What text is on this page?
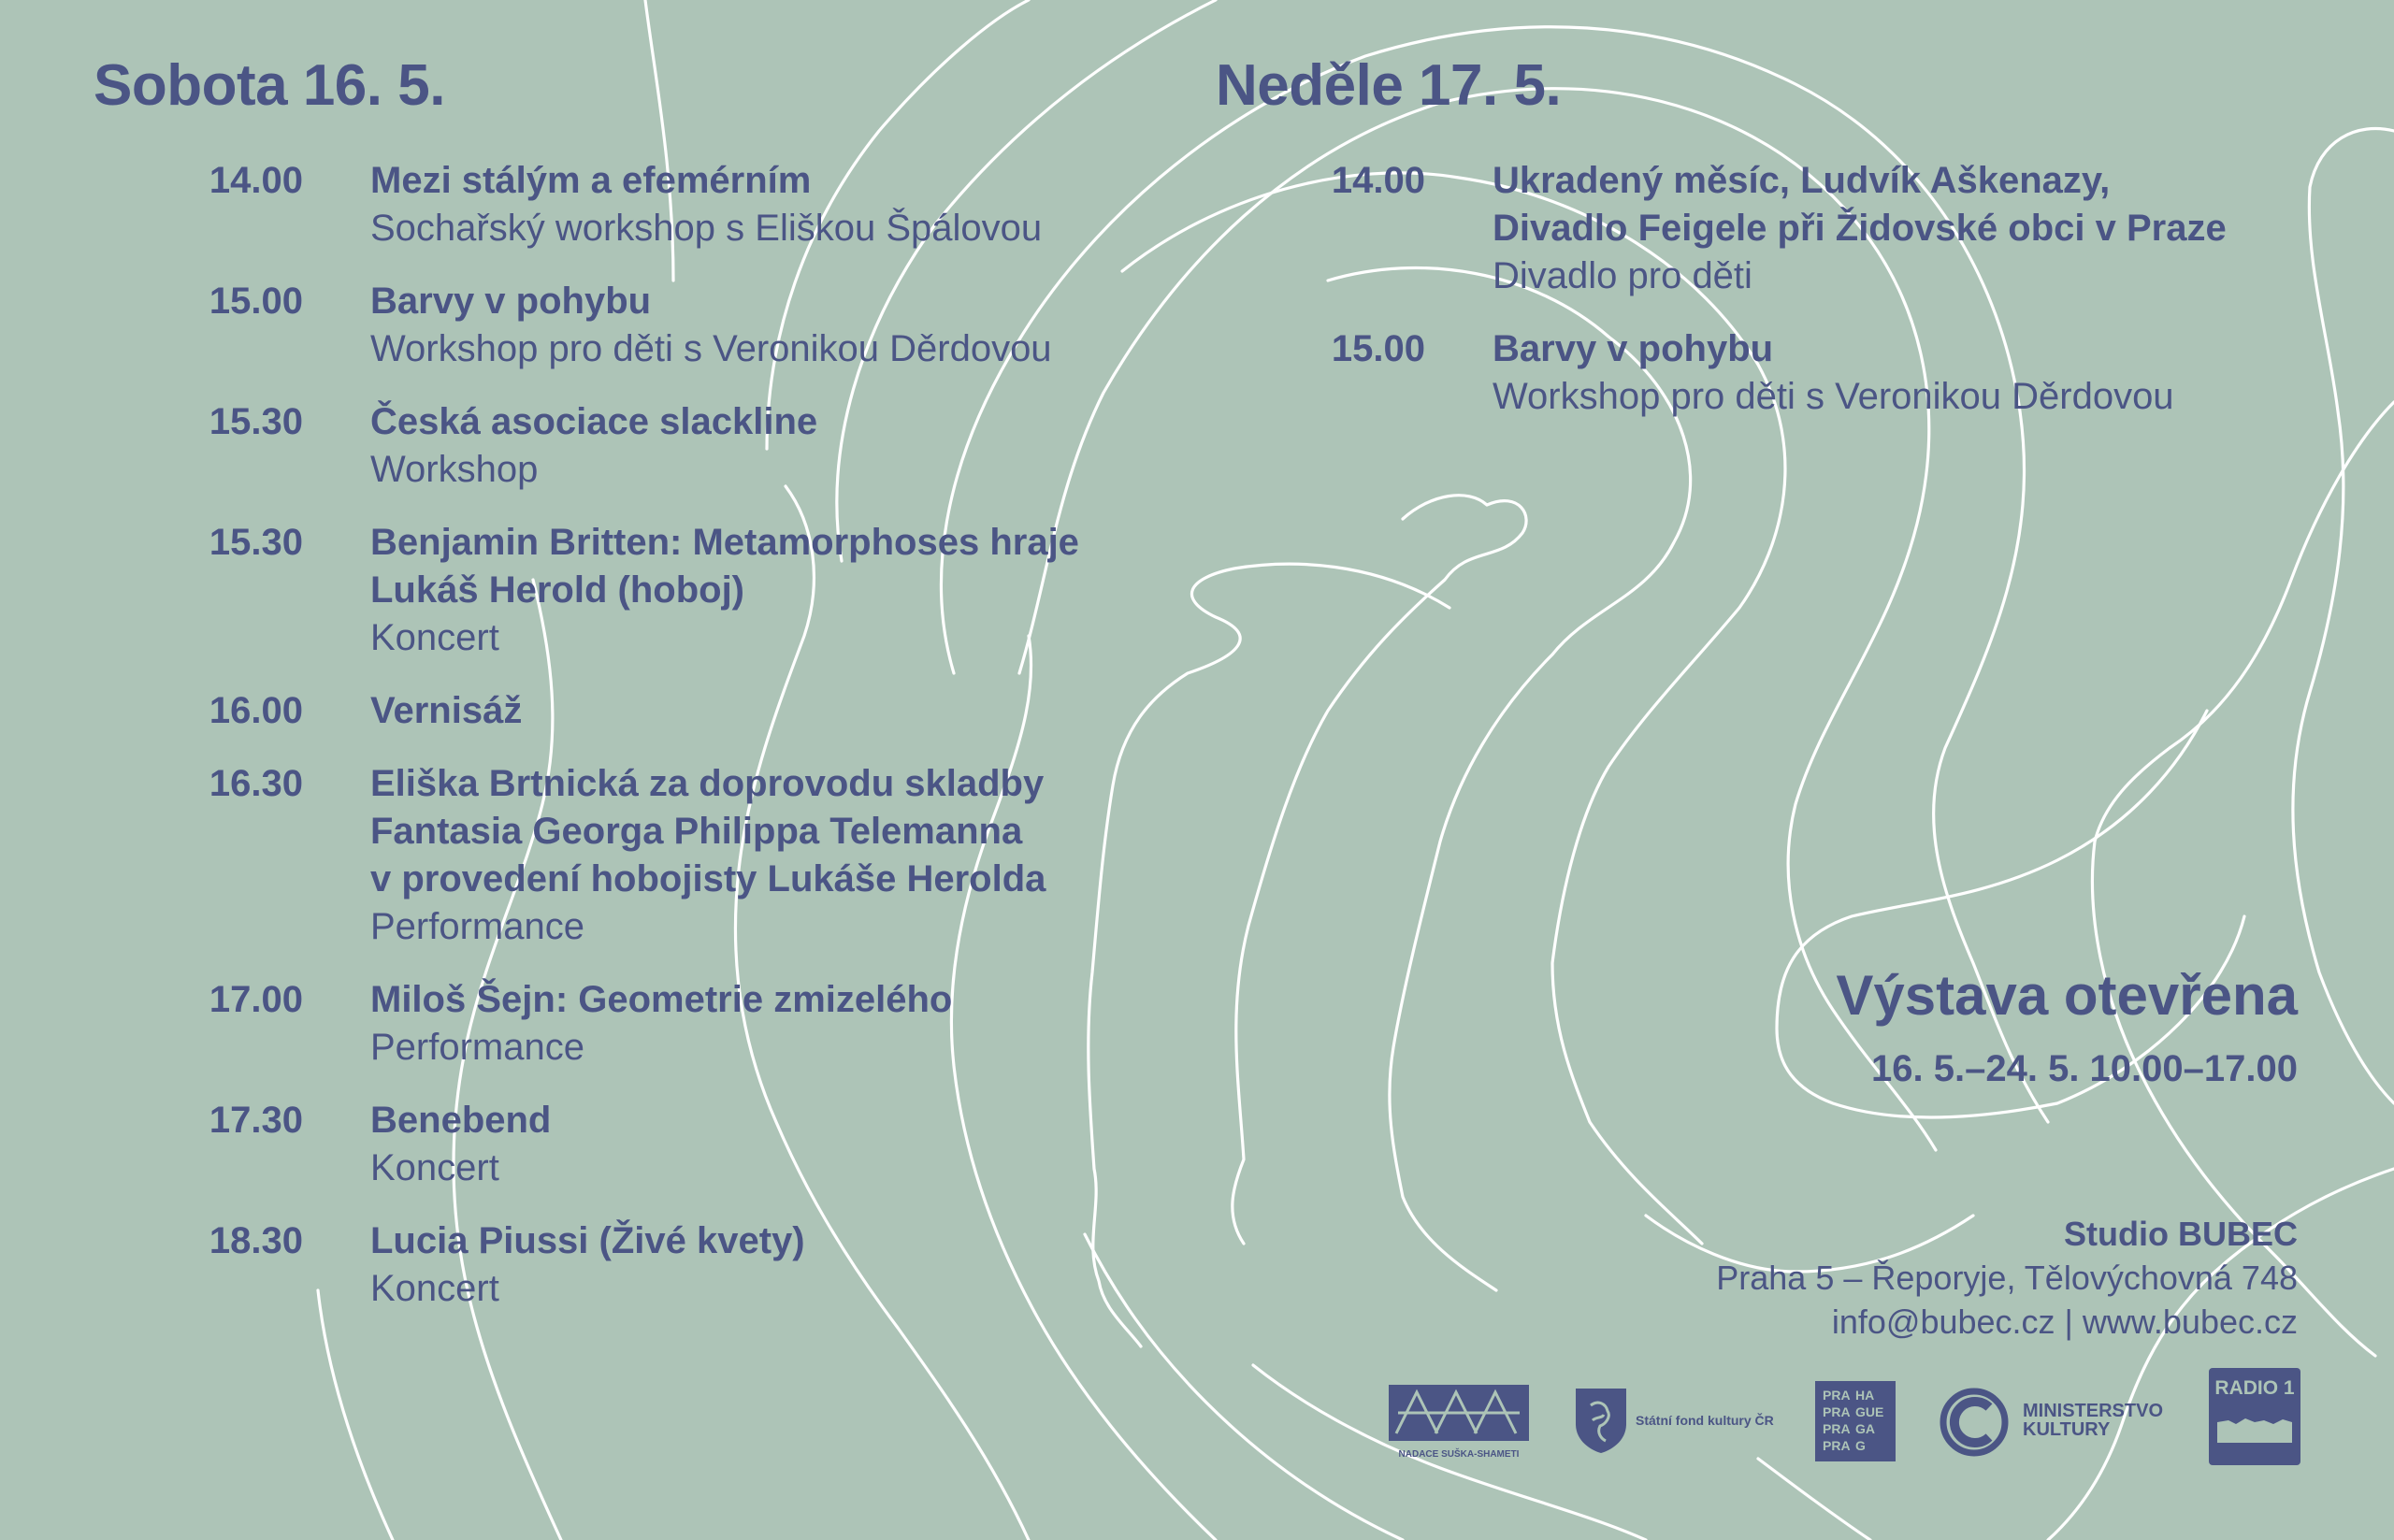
Sobota 16. 5.
14.00 Mezi stálým a efemérním
Sochařský workshop s Eliškou Špálovou
15.00 Barvy v pohybu
Workshop pro děti s Veronikou Děrdovou
15.30 Česká asociace slackline
Workshop
15.30 Benjamin Britten: Metamorphoses hraje
Lukáš Herold (hoboj)
Koncert
16.00 Vernisáž
16.30 Eliška Brtnická za doprovodu skladby
Fantasia Georga Philippa Telemanna
v provedení hobojisty Lukáše Herolda
Performance
17.00 Miloš Šejn: Geometrie zmizelého
Performance
17.30 Benebend
Koncert
18.30 Lucia Piussi (Živé kvety)
Koncert
Neděle 17. 5.
14.00 Ukradený měsíc, Ludvík Aškenazy,
Divadlo Feigele při Židovské obci v Praze
Divadlo pro děti
15.00 Barvy v pohybu
Workshop pro děti s Veronikou Děrdovou
Výstava otevřena
16. 5.–24. 5. 10.00–17.00
Studio BUBEC
Praha 5 – Řeporyje, Tělovýchovná 748
info@bubec.cz | www.bubec.cz
NADACE SUŠKA-SHAMETI
Státní fond kultury ČR
PRA HA
PRA GUE
PRA GA
PRA G
MINISTERSTVO
KULTURY
RADIO 1
